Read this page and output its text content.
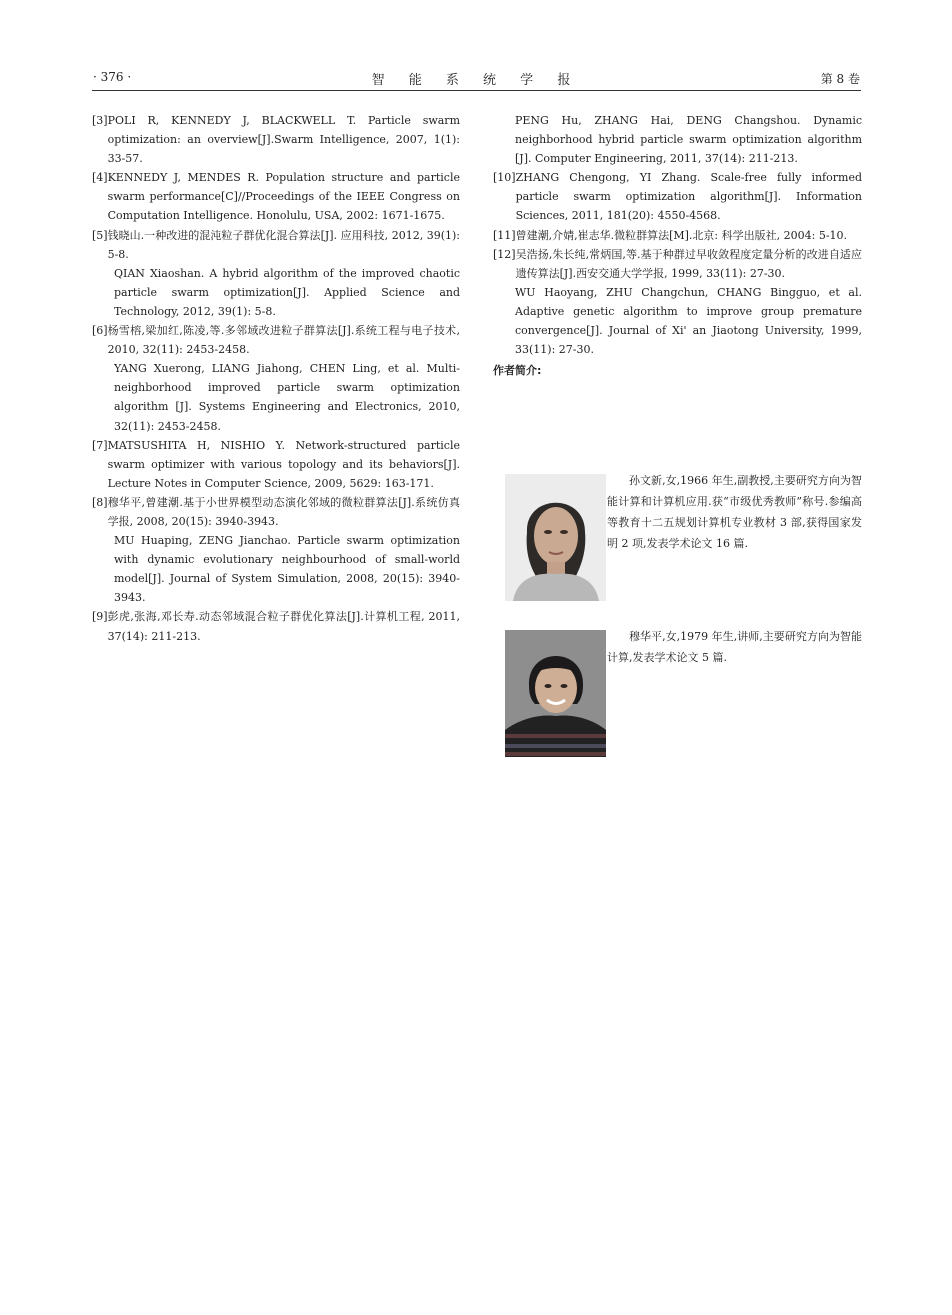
· 376 ·	智 能 系 统 学 报	第 8 卷
[3] POLI R, KENNEDY J, BLACKWELL T. Particle swarm optimization: an overview[J].Swarm Intelligence, 2007, 1(1): 33-57.
[4] KENNEDY J, MENDES R. Population structure and particle swarm performance[C]//Proceedings of the IEEE Congress on Computation Intelligence. Honolulu, USA, 2002: 1671-1675.
[5] 钱晓山.一种改进的混沌粒子群优化混合算法[J]. 应用科技, 2012, 39(1): 5-8.
QIAN Xiaoshan. A hybrid algorithm of the improved chaotic particle swarm optimization[J]. Applied Science and Technology, 2012, 39(1): 5-8.
[6] 杨雪榕,梁加红,陈凌,等.多邻域改进粒子群算法[J].系统工程与电子技术, 2010, 32(11): 2453-2458.
YANG Xuerong, LIANG Jiahong, CHEN Ling, et al. Multi-neighborhood improved particle swarm optimization algorithm [J]. Systems Engineering and Electronics, 2010, 32(11): 2453-2458.
[7] MATSUSHITA H, NISHIO Y. Network-structured particle swarm optimizer with various topology and its behaviors[J]. Lecture Notes in Computer Science, 2009, 5629: 163-171.
[8] 穆华平,曾建潮.基于小世界模型动态演化邻域的微粒群算法[J].系统仿真学报, 2008, 20(15): 3940-3943.
MU Huaping, ZENG Jianchao. Particle swarm optimization with dynamic evolutionary neighbourhood of small-world model[J]. Journal of System Simulation, 2008, 20(15): 3940-3943.
[9] 彭虎,张海,邓长寿.动态邻域混合粒子群优化算法[J].计算机工程, 2011, 37(14): 211-213.
PENG Hu, ZHANG Hai, DENG Changshou. Dynamic neighborhood hybrid particle swarm optimization algorithm [J]. Computer Engineering, 2011, 37(14): 211-213.
[10] ZHANG Chengong, YI Zhang. Scale-free fully informed particle swarm optimization algorithm[J]. Information Sciences, 2011, 181(20): 4550-4568.
[11] 曾建潮,介婧,崔志华.微粒群算法[M].北京: 科学出版社, 2004: 5-10.
[12] 吴浩扬,朱长纯,常炳国,等.基于种群过早收敛程度定量分析的改进自适应遗传算法[J].西安交通大学学报, 1999, 33(11): 27-30.
WU Haoyang, ZHU Changchun, CHANG Bingguo, et al. Adaptive genetic algorithm to improve group premature convergence[J]. Journal of Xi' an Jiaotong University, 1999, 33(11): 27-30.
作者简介:
孙文新,女,1966 年生,副教授,主要研究方向为智能计算和计算机应用.获“市级优秀教师”称号.参编高等教育十二五规划计算机专业教材 3 部,获得国家发明 2 项,发表学术论文 16 篇.
穆华平,女,1979 年生,讲师,主要研究方向为智能计算,发表学术论文 5 篇.
